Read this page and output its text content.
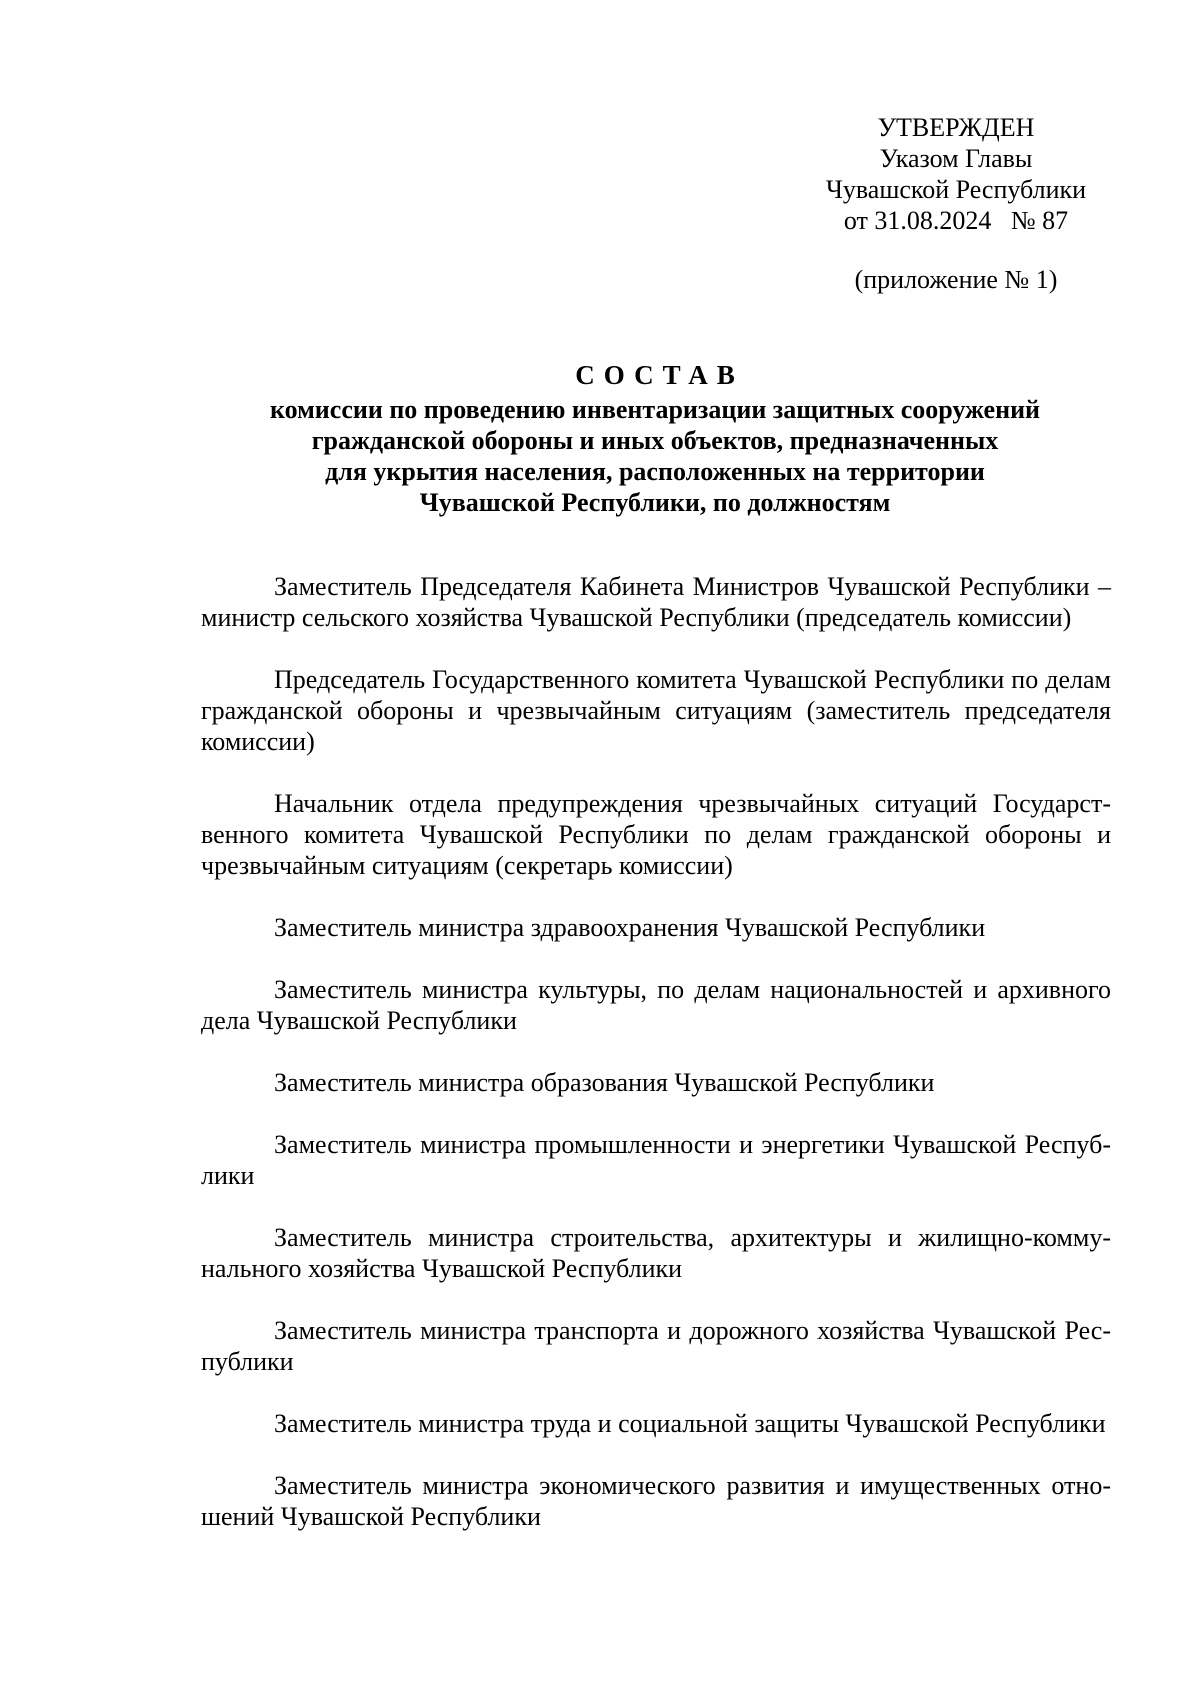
УТВЕРЖДЕН
Указом Главы
Чувашской Республики
от 31.08.2024   № 87
(приложение № 1)
СОСТАВ
комиссии по проведению инвентаризации защитных сооружений
гражданской обороны и иных объектов, предназначенных
для укрытия населения, расположенных на территории
Чувашской Республики, по должностям
Заместитель Председателя Кабинета Министров Чувашской Республики – министр сельского хозяйства Чувашской Республики (председатель комиссии)
Председатель Государственного комитета Чувашской Республики по делам гражданской обороны и чрезвычайным ситуациям (заместитель председателя комиссии)
Начальник отдела предупреждения чрезвычайных ситуаций Государственного комитета Чувашской Республики по делам гражданской обороны и чрезвычайным ситуациям (секретарь комиссии)
Заместитель министра здравоохранения Чувашской Республики
Заместитель министра культуры, по делам национальностей и архивного дела Чувашской Республики
Заместитель министра образования Чувашской Республики
Заместитель министра промышленности и энергетики Чувашской Республики
Заместитель министра строительства, архитектуры и жилищно-коммунального хозяйства Чувашской Республики
Заместитель министра транспорта и дорожного хозяйства Чувашской Республики
Заместитель министра труда и социальной защиты Чувашской Республики
Заместитель министра экономического развития и имущественных отношений Чувашской Республики
